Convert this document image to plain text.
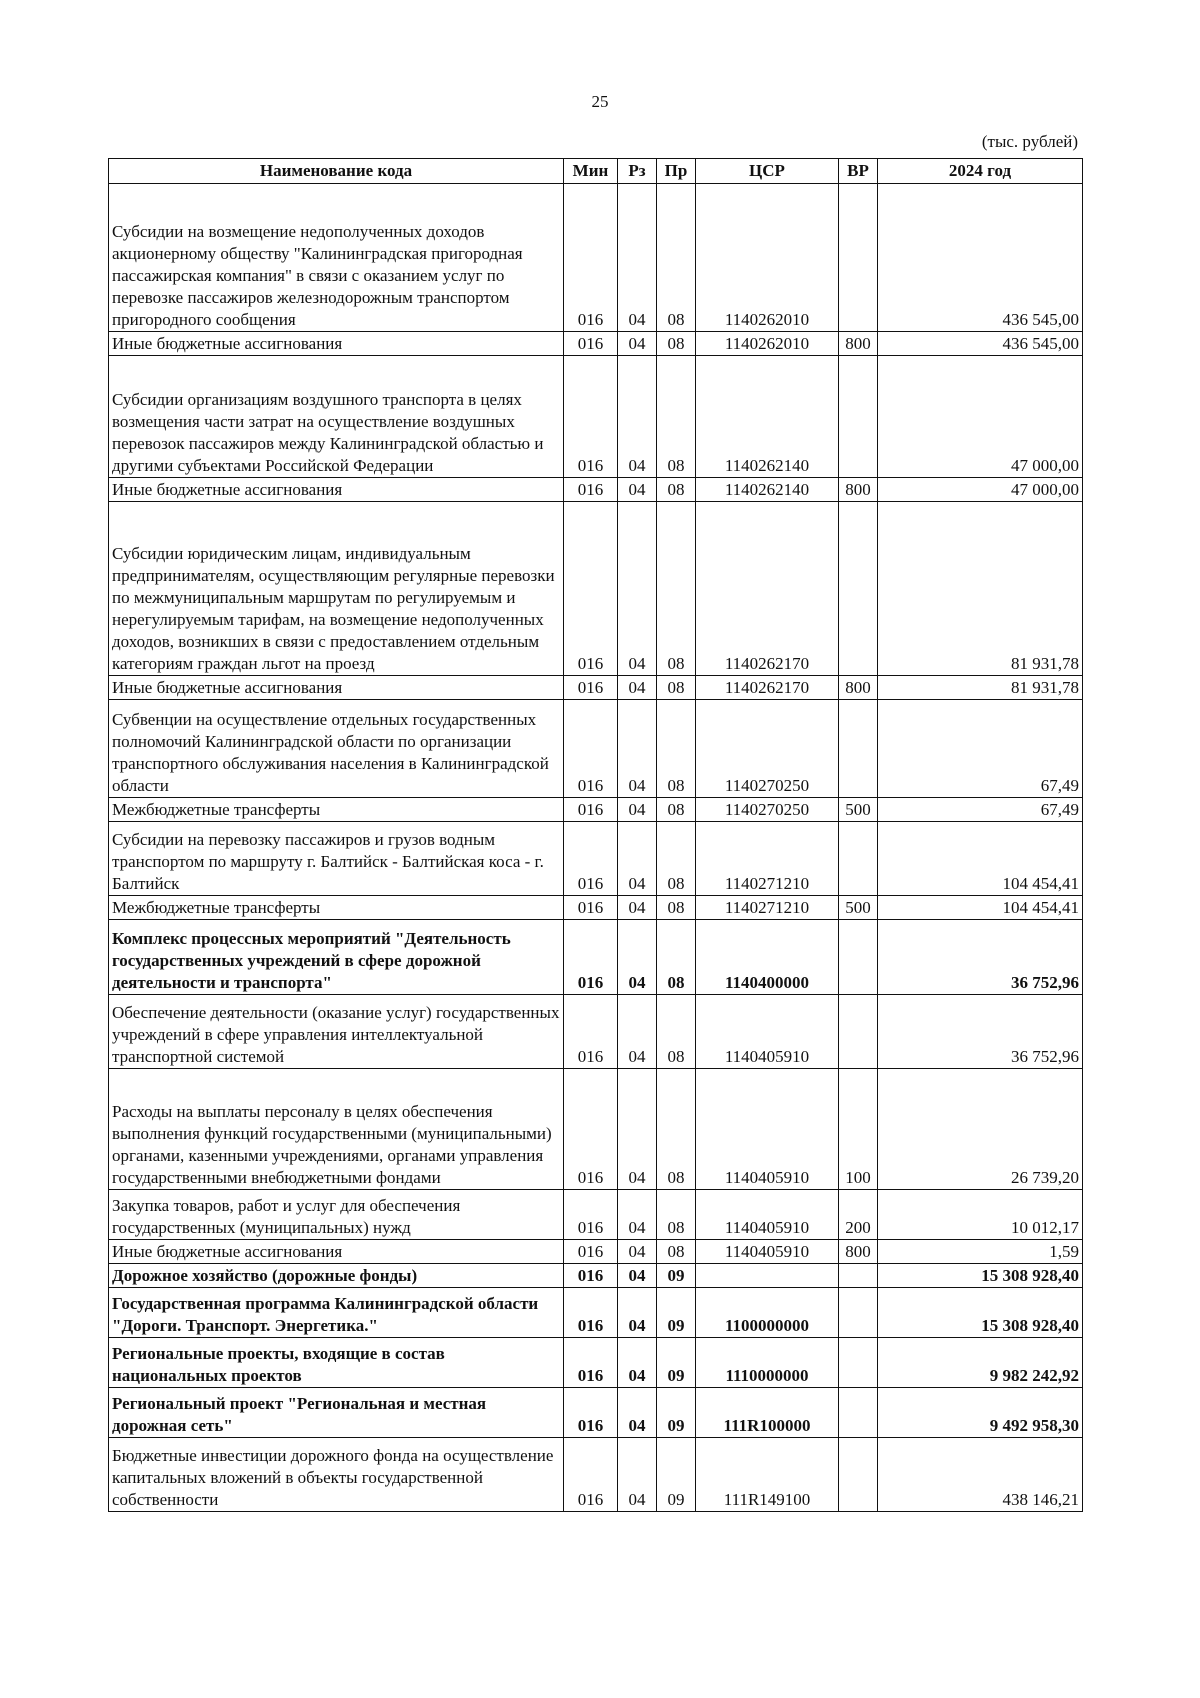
25
(тыс. рублей)
Наименование кода	Мин	Рз	Пр	ЦСР	ВР	2024 год
Субсидии на возмещение недополученных доходов акционерному обществу "Калининградская пригородная пассажирская компания" в связи с оказанием услуг по перевозке пассажиров железнодорожным транспортом пригородного сообщения	016	04	08	1140262010		436 545,00
Иные бюджетные ассигнования	016	04	08	1140262010	800	436 545,00
Субсидии организациям воздушного транспорта в целях возмещения части затрат на осуществление воздушных перевозок пассажиров между Калининградской областью и другими субъектами Российской Федерации	016	04	08	1140262140		47 000,00
Иные бюджетные ассигнования	016	04	08	1140262140	800	47 000,00
Субсидии юридическим лицам, индивидуальным предпринимателям, осуществляющим регулярные перевозки по межмуниципальным маршрутам по регулируемым и нерегулируемым тарифам, на возмещение недополученных доходов, возникших в связи с предоставлением отдельным категориям граждан льгот на проезд	016	04	08	1140262170		81 931,78
Иные бюджетные ассигнования	016	04	08	1140262170	800	81 931,78
Субвенции на осуществление отдельных государственных полномочий Калининградской области по организации транспортного обслуживания населения в Калининградской области	016	04	08	1140270250		67,49
Межбюджетные трансферты	016	04	08	1140270250	500	67,49
Субсидии на перевозку пассажиров и грузов водным транспортом по маршруту г. Балтийск - Балтийская коса - г. Балтийск	016	04	08	1140271210		104 454,41
Межбюджетные трансферты	016	04	08	1140271210	500	104 454,41
Комплекс процессных мероприятий "Деятельность государственных учреждений в сфере дорожной деятельности и транспорта"	016	04	08	1140400000		36 752,96
Обеспечение деятельности (оказание услуг) государственных учреждений в сфере управления интеллектуальной транспортной системой	016	04	08	1140405910		36 752,96
Расходы на выплаты персоналу в целях обеспечения выполнения функций государственными (муниципальными) органами, казенными учреждениями, органами управления государственными внебюджетными фондами	016	04	08	1140405910	100	26 739,20
Закупка товаров, работ и услуг для обеспечения государственных (муниципальных) нужд	016	04	08	1140405910	200	10 012,17
Иные бюджетные ассигнования	016	04	08	1140405910	800	1,59
Дорожное хозяйство (дорожные фонды)	016	04	09			15 308 928,40
Государственная программа Калининградской области "Дороги. Транспорт. Энергетика."	016	04	09	1100000000		15 308 928,40
Региональные проекты, входящие в состав национальных проектов	016	04	09	1110000000		9 982 242,92
Региональный проект "Региональная и местная дорожная сеть"	016	04	09	111R100000		9 492 958,30
Бюджетные инвестиции дорожного фонда на осуществление капитальных вложений в объекты государственной собственности	016	04	09	111R149100		438 146,21
